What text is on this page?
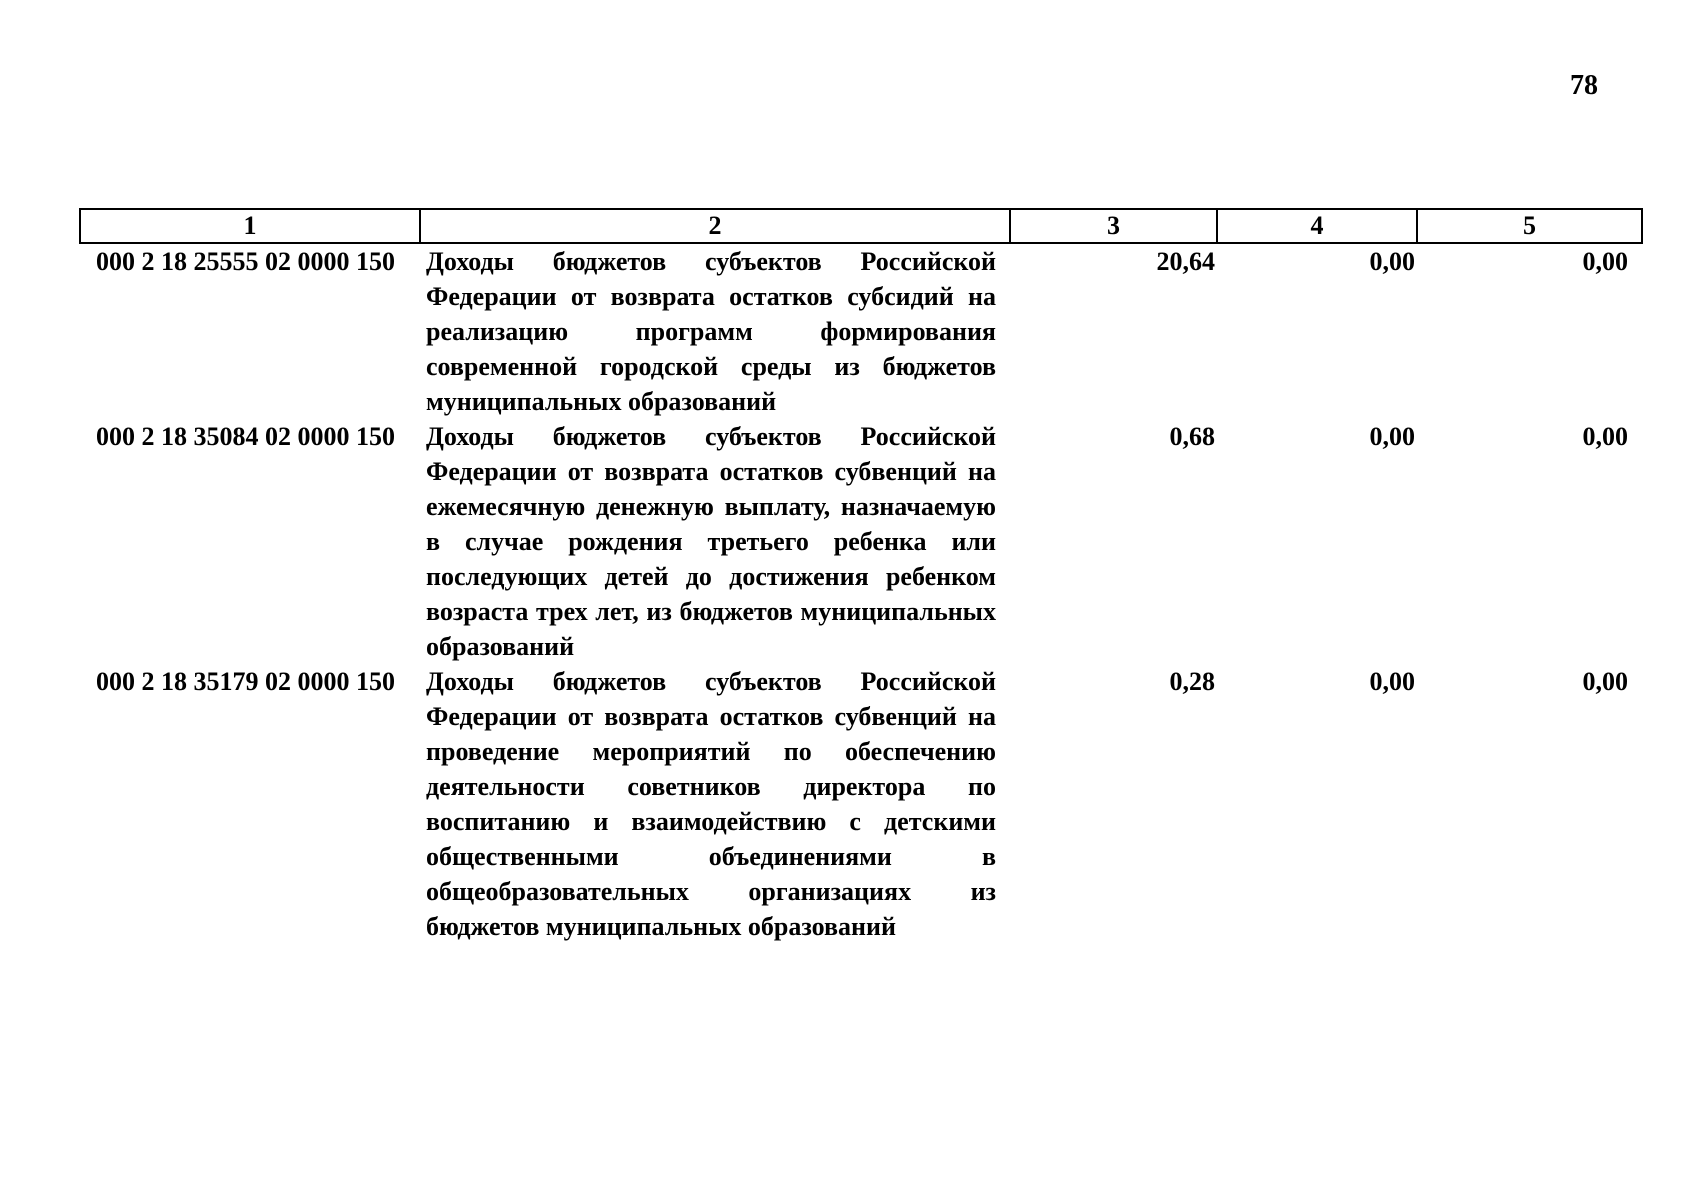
78
1	2	3	4	5
000 2 18 25555 02 0000 150	Доходы бюджетов субъектов Российской Федерации от возврата остатков субсидий на реализацию программ формирования современной городской среды из бюджетов муниципальных образований	20,64	0,00	0,00
000 2 18 35084 02 0000 150	Доходы бюджетов субъектов Российской Федерации от возврата остатков субвенций на ежемесячную денежную выплату, назначаемую в случае рождения третьего ребенка или последующих детей до достижения ребенком возраста трех лет, из бюджетов муниципальных образований	0,68	0,00	0,00
000 2 18 35179 02 0000 150	Доходы бюджетов субъектов Российской Федерации от возврата остатков субвенций на проведение мероприятий по обеспечению деятельности советников директора по воспитанию и взаимодействию с детскими общественными объединениями в общеобразовательных организациях из бюджетов муниципальных образований	0,28	0,00	0,00
